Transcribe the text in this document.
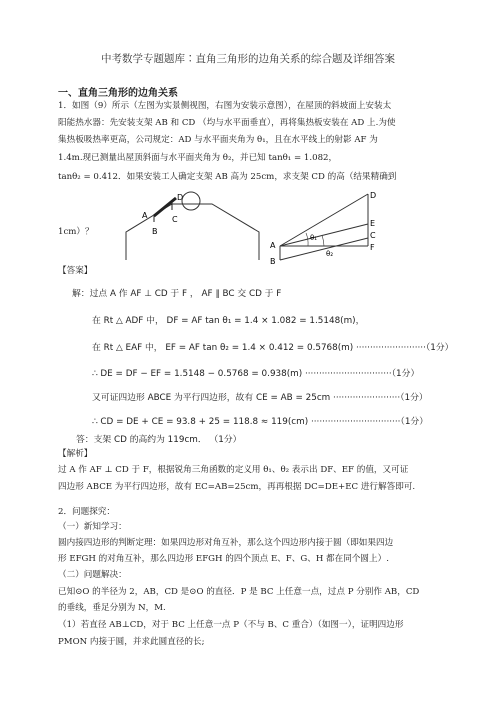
中考数学专题题库∶直角三角形的边角关系的综合题及详细答案
一、直角三角形的边角关系
1．如图（9）所示（左图为实景侧视图，右图为安装示意图），在屋顶的斜坡面上安装太
阳能热水器：先安装支架 AB 和 CD （均与水平面垂直），再将集热板安装在 AD 上.为使
集热板吸热率更高，公司规定：AD 与水平面夹角为 θ₁，且在水平线上的射影 AF 为
1.4m.现已测量出屋顶斜面与水平面夹角为 θ₂，并已知 tanθ₁ = 1.082，
tanθ₂ = 0.412．如果安装工人确定支架 AB 高为 25cm，求支架 CD 的高（结果精确到
1cm）？
D
A	C
B
D
E
C
F
A
B
θ₁
θ₂
【答案】
解：过点 A 作 AF ⊥ CD 于 F ， AF ∥ BC 交 CD 于 F
在 Rt △ ADF 中， DF = AF tan θ₁ = 1.4 × 1.082 = 1.5148(m)，
在 Rt △ EAF 中， EF = AF tan θ₂ = 1.4 × 0.412 = 0.5768(m) ·························（1分）
∴ DE = DF − EF = 1.5148 − 0.5768 = 0.938(m) ·······························（1分）
又可证四边形 ABCE 为平行四边形，故有 CE = AB = 25cm ························（1分）
∴ CD = DE + CE = 93.8 + 25 = 118.8 ≈ 119(cm) ································（1分）
答：支架 CD 的高约为 119cm． （1分）
【解析】
过 A 作 AF ⊥ CD 于 F，根据锐角三角函数的定义用 θ₁、θ₂ 表示出 DF、EF 的值，又可证
四边形 ABCE 为平行四边形，故有 EC=AB=25cm，再再根据 DC=DE+EC 进行解答即可.
2．问题探究：
（一）新知学习：
圆内接四边形的判断定理：如果四边形对角互补，那么这个四边形内接于圆（即如果四边
形 EFGH 的对角互补，那么四边形 EFGH 的四个顶点 E、F、G、H 都在同个圆上）.
（二）问题解决：
已知⊙O 的半径为 2，AB，CD 是⊙O 的直径．P 是 BC 上任意一点，过点 P 分别作 AB，CD
的垂线，垂足分别为 N，M.
（1）若直径 AB⊥CD，对于 BC 上任意一点 P（不与 B、C 重合）（如图一），证明四边形
PMON 内接于圆，并求此圆直径的长;
